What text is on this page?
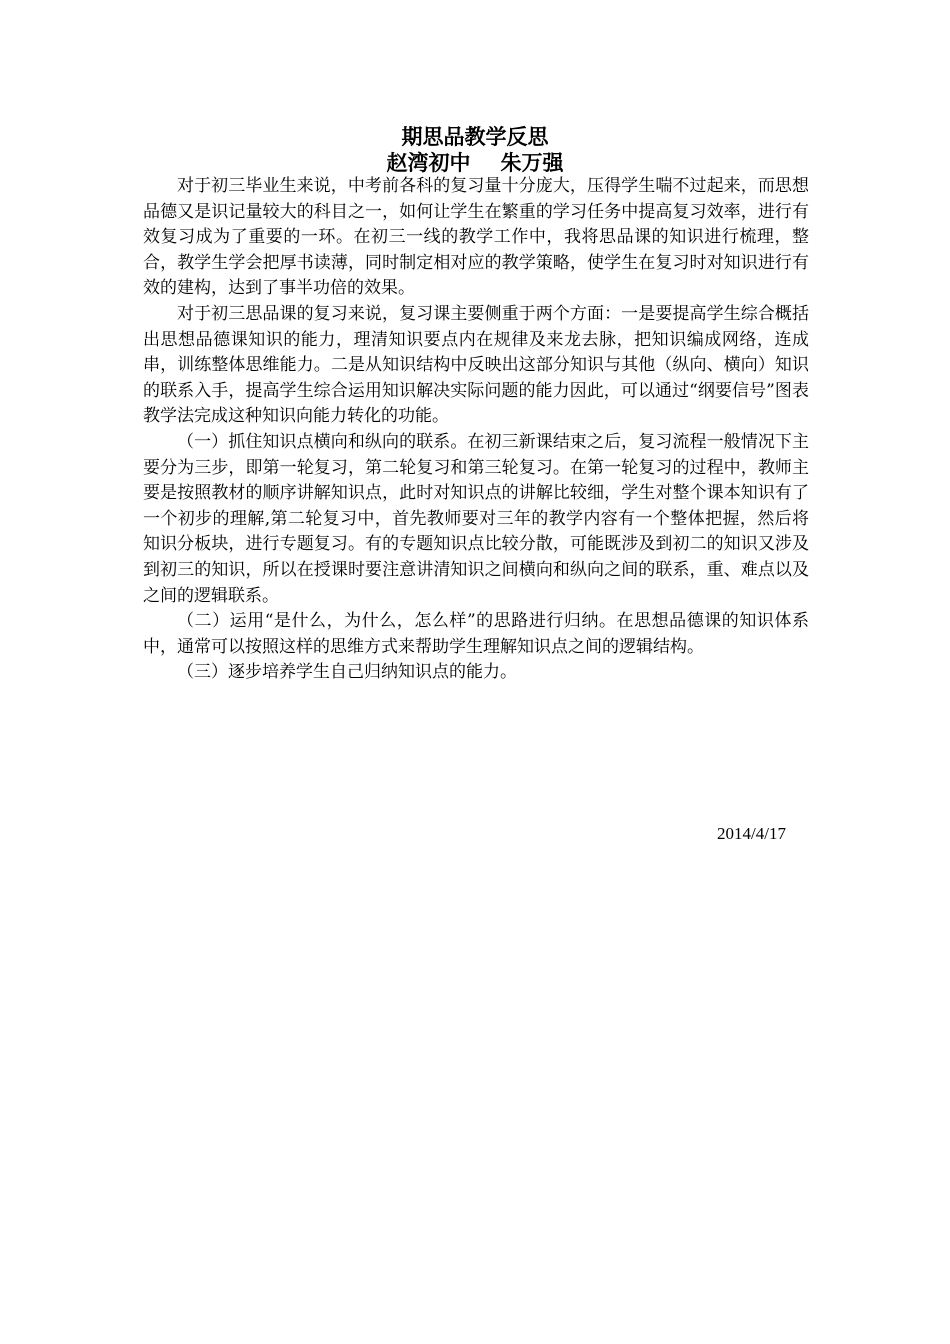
期思品教学反思
赵湾初中 朱万强

对于初三毕业生来说，中考前各科的复习量十分庞大，压得学生喘不过起来，而思想品德又是识记量较大的科目之一，如何让学生在繁重的学习任务中提高复习效率，进行有效复习成为了重要的一环。在初三一线的教学工作中，我将思品课的知识进行梳理，整合，教学生学会把厚书读薄，同时制定相对应的教学策略，使学生在复习时对知识进行有效的建构，达到了事半功倍的效果。

对于初三思品课的复习来说，复习课主要侧重于两个方面：一是要提高学生综合概括出思想品德课知识的能力，理清知识要点内在规律及来龙去脉，把知识编成网络，连成串，训练整体思维能力。二是从知识结构中反映出这部分知识与其他（纵向、横向）知识的联系入手，提高学生综合运用知识解决实际问题的能力因此，可以通过“纲要信号”图表教学法完成这种知识向能力转化的功能。

（一）抓住知识点横向和纵向的联系。在初三新课结束之后，复习流程一般情况下主要分为三步，即第一轮复习，第二轮复习和第三轮复习。在第一轮复习的过程中，教师主要是按照教材的顺序讲解知识点，此时对知识点的讲解比较细，学生对整个课本知识有了一个初步的理解,第二轮复习中，首先教师要对三年的教学内容有一个整体把握，然后将知识分板块，进行专题复习。有的专题知识点比较分散，可能既涉及到初二的知识又涉及到初三的知识，所以在授课时要注意讲清知识之间横向和纵向之间的联系，重、难点以及之间的逻辑联系。

（二）运用“是什么，为什么，怎么样”的思路进行归纳。在思想品德课的知识体系中，通常可以按照这样的思维方式来帮助学生理解知识点之间的逻辑结构。

（三）逐步培养学生自己归纳知识点的能力。

2014/4/17
